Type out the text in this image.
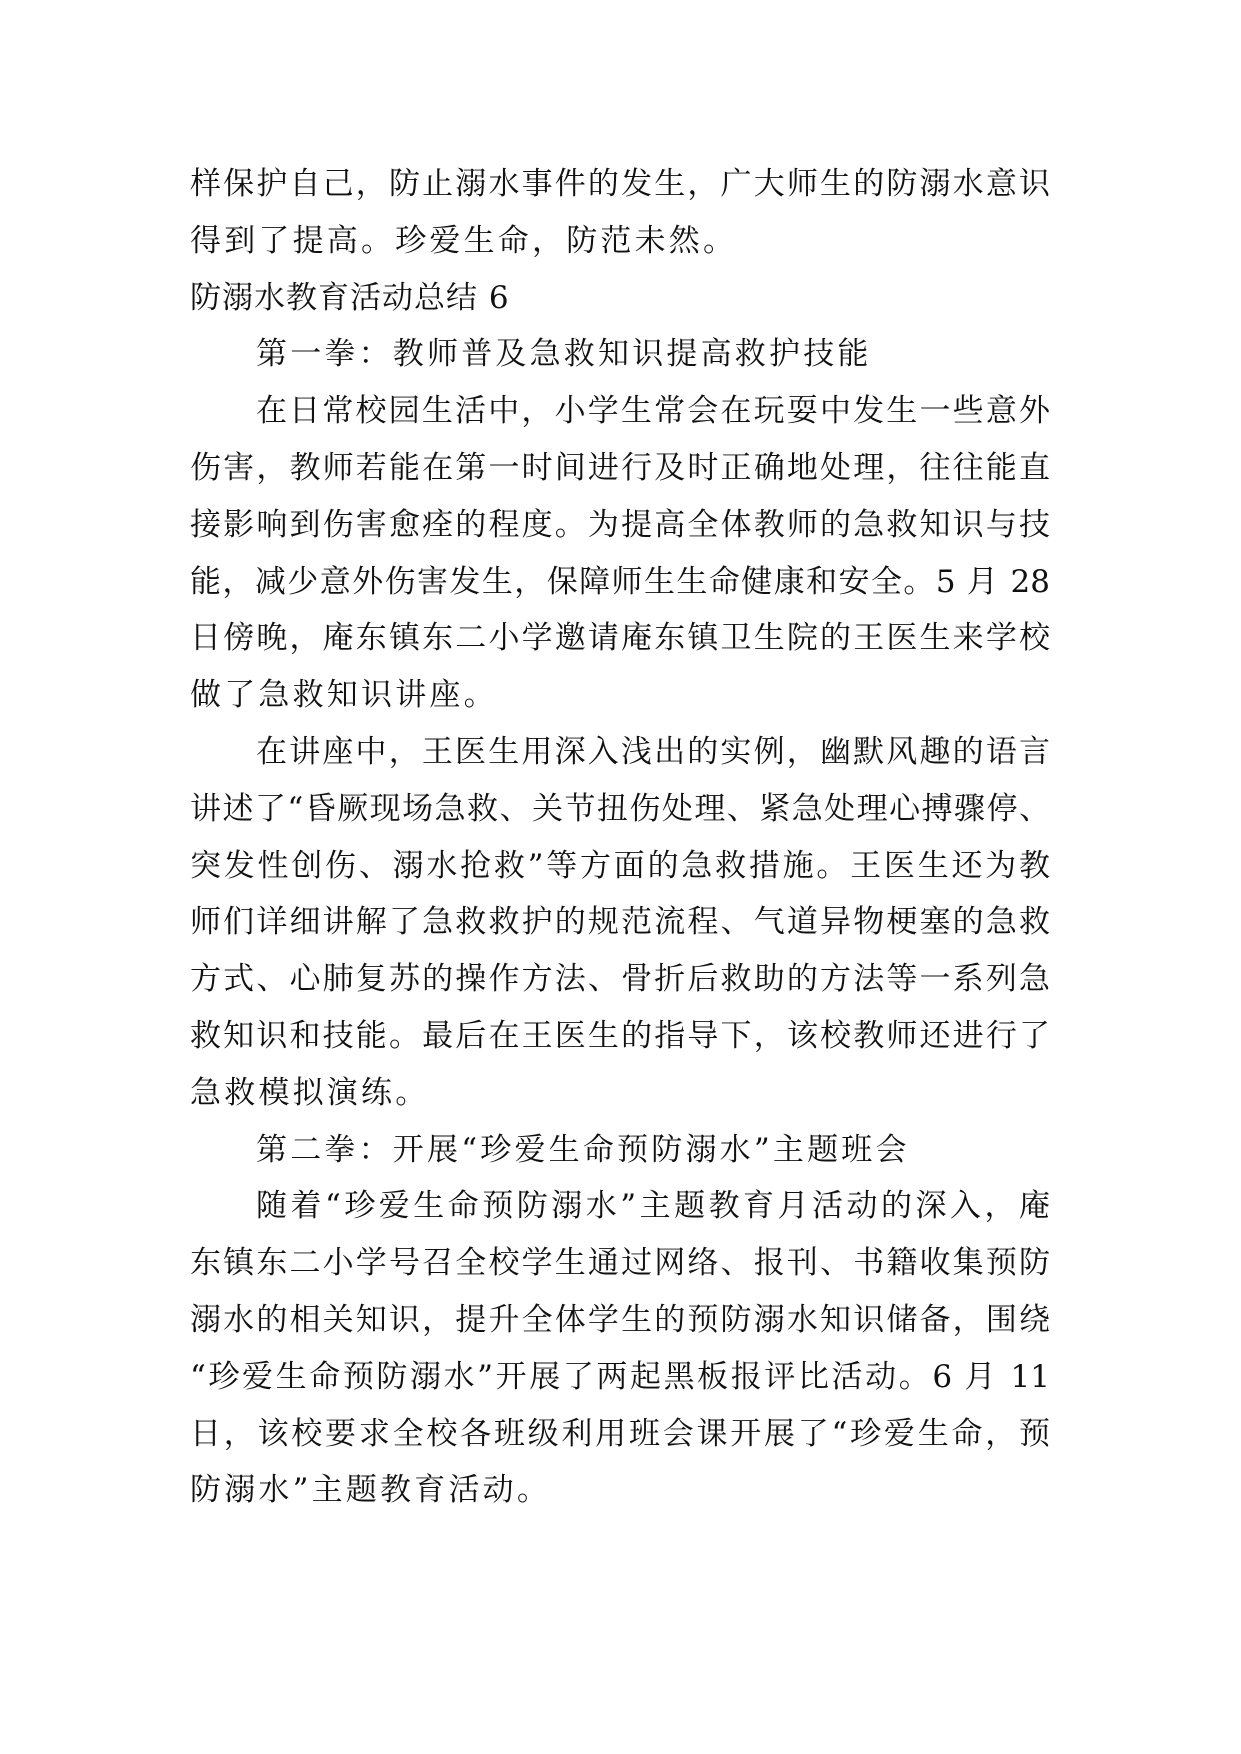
样保护自己，防止溺水事件的发生，广大师生的防溺水意识
得到了提高。珍爱生命，防范未然。
防溺水教育活动总结 6
第一拳：教师普及急救知识提高救护技能
在日常校园生活中，小学生常会在玩耍中发生一些意外
伤害，教师若能在第一时间进行及时正确地处理，往往能直
接影响到伤害愈痊的程度。为提高全体教师的急救知识与技
能，减少意外伤害发生，保障师生生命健康和安全。5 月 28
日傍晚，庵东镇东二小学邀请庵东镇卫生院的王医生来学校
做了急救知识讲座。
在讲座中，王医生用深入浅出的实例，幽默风趣的语言
讲述了“昏厥现场急救、关节扭伤处理、紧急处理心搏骤停、
突发性创伤、溺水抢救”等方面的急救措施。王医生还为教
师们详细讲解了急救救护的规范流程、气道异物梗塞的急救
方式、心肺复苏的操作方法、骨折后救助的方法等一系列急
救知识和技能。最后在王医生的指导下，该校教师还进行了
急救模拟演练。
第二拳：开展“珍爱生命预防溺水”主题班会
随着“珍爱生命预防溺水”主题教育月活动的深入，庵
东镇东二小学号召全校学生通过网络、报刊、书籍收集预防
溺水的相关知识，提升全体学生的预防溺水知识储备，围绕
“珍爱生命预防溺水”开展了两起黑板报评比活动。6 月 11
日，该校要求全校各班级利用班会课开展了“珍爱生命，预
防溺水”主题教育活动。
